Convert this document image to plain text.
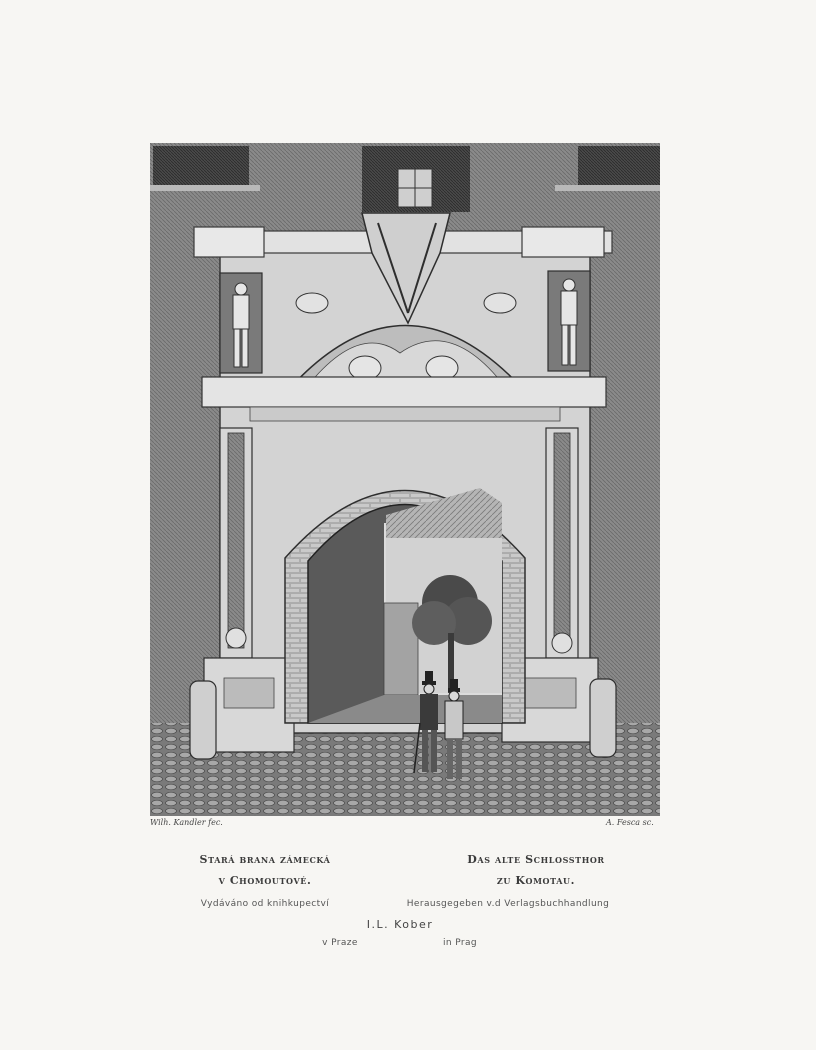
Wilh. Kandler fec.	A. Fesca sc.
Stará brana zámecká
v Chomoutové.
Das alte Schlossthor
zu Komotau.
Vydáváno od knihkupectví	Herausgegeben v.d Verlagsbuchhandlung
I.L. Kober
v Praze	in Prag
